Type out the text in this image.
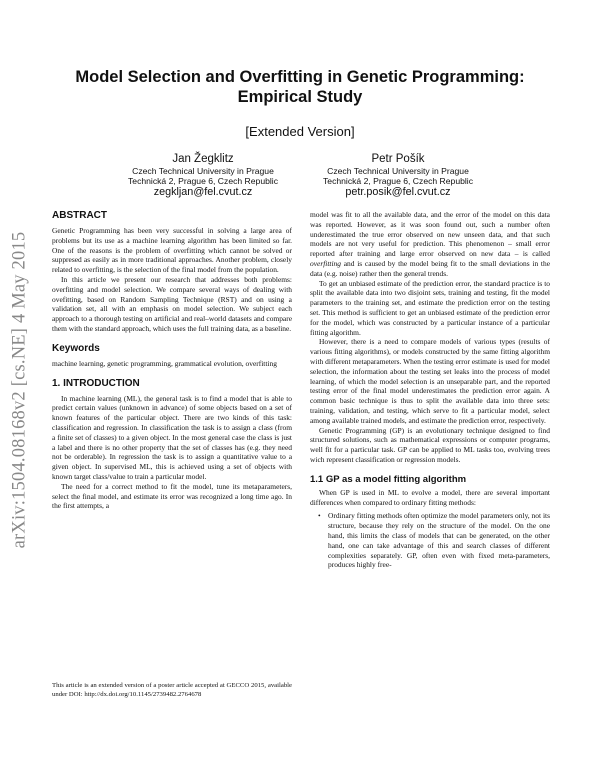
arXiv:1504.08168v2 [cs.NE] 4 May 2015
Model Selection and Overfitting in Genetic Programming:
Empirical Study
[Extended Version]
Jan Žegklitz
Czech Technical University in Prague
Technická 2, Prague 6, Czech Republic
zegkljan@fel.cvut.cz
Petr Pošík
Czech Technical University in Prague
Technická 2, Prague 6, Czech Republic
petr.posik@fel.cvut.cz
ABSTRACT

Genetic Programming has been very successful in solving a large area of problems but its use as a machine learning algorithm has been limited so far. One of the reasons is the problem of overfitting which cannot be solved or suppresed as easily as in more traditional approaches. Another problem, closely related to overfitting, is the selection of the final model from the population.

In this article we present our research that addresses both problems: overfitting and model selection. We compare several ways of dealing with ovefitting, based on Random Sampling Technique (RST) and on using a validation set, all with an emphasis on model selection. We subject each approach to a thorough testing on artificial and real–world datasets and compare them with the standard approach, which uses the full training data, as a baseline.

Keywords

machine learning, genetic programming, grammatical evolution, overfitting

1. INTRODUCTION

In machine learning (ML), the general task is to find a model that is able to predict certain values (unknown in advance) of some objects based on a set of known features of the particular object. There are two kinds of this task: classification and regression. In classification the task is to assign a class (from a finite set of classes) to a given object. In the most general case the class is just a label and there is no other property that the set of classes has (e.g. they need not be orderable). In regression the task is to assign a quantitative value to a given object. In supervised ML, this is achieved using a set of objects with known target class/value to train a particular model.

The need for a correct method to fit the model, tune its metaparameters, select the final model, and estimate its error was recognized a long time ago. In the first attempts, a

This article is an extended version of a poster article accepted at GECCO 2015, available under DOI: http://dx.doi.org/10.1145/2739482.2764678

model was fit to all the available data, and the error of the model on this data was reported. However, as it was soon found out, such a number often underestimated the true error observed on new unseen data, and that such models are not very useful for prediction. This phenomenon – small error reported after training and large error observed on new data – is called overfitting and is caused by the model being fit to the small deviations in the data (e.g. noise) rather then the general trends.

To get an unbiased estimate of the prediction error, the standard practice is to split the available data into two disjoint sets, training and testing, fit the model parameters to the training set, and estimate the prediction error on the testing set. This method is sufficient to get an unbiased estimate of the prediction error for the model, which was constructed by a particular instance of a particular fitting algorithm.

However, there is a need to compare models of various types (results of various fitting algorithms), or models constructed by the same fitting algorithm with different metaparameters. When the testing error estimate is used for model selection, the information about the testing set leaks into the process of model learning, of which the model selection is an unseparable part, and the reported testing error of the final model underestimates the prediction error again. A common basic technique is thus to split the available data into three sets: training, validation, and testing, which serve to fit a particular model, select among available trained models, and estimate the prediction error, respectively.

Genetic Programming (GP) is an evolutionary technique designed to find structured solutions, such as mathematical expressions or computer programs, well fit for a particular task. GP can be applied to ML tasks too, evolving trees wich represent classification or regression models.

1.1 GP as a model fitting algorithm

When GP is used in ML to evolve a model, there are several important differences when compared to ordinary fitting methods:

• Ordinary fitting methods often optimize the model parameters only, not its structure, because they rely on the structure of the model. On the one hand, this limits the class of models that can be generated, on the other hand, one can take advantage of this and search classes of different complexities separately. GP, often even with fixed meta-parameters, produces highly free-
